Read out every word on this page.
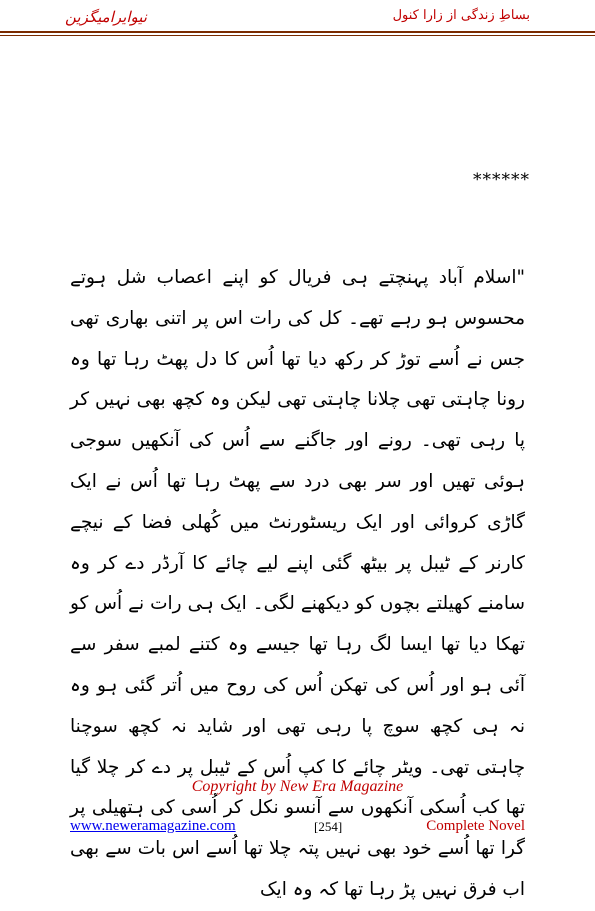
نیوایرامیگزین	بساطِ زندگی از زارا کنول
******
"اسلام آباد پہنچتے ہی فریال کو اپنے اعصاب شل ہوتے محسوس ہو رہے تھے۔ کل کی رات اس پر اتنی بھاری تھی جس نے اُسے توڑ کر رکھ دیا تھا اُس کا دل پھٹ رہا تھا وہ رونا چاہتی تھی چلانا چاہتی تھی لیکن وہ کچھ بھی نہیں کر پا رہی تھی۔ رونے اور جاگنے سے اُس کی آنکھیں سوجی ہوئی تھیں اور سر بھی درد سے پھٹ رہا تھا اُس نے ایک گاڑی کروائی اور ایک ریسٹورنٹ میں کُھلی فضا کے نیچے کارنر کے ٹیبل پر بیٹھ گئی اپنے لیے چائے کا آرڈر دے کر وہ سامنے کھیلتے بچوں کو دیکھنے لگی۔ ایک ہی رات نے اُس کو تھکا دیا تھا ایسا لگ رہا تھا جیسے وہ کتنے لمبے سفر سے آئی ہو اور اُس کی تھکن اُس کی روح میں اُتر گئی ہو وہ نہ ہی کچھ سوچ پا رہی تھی اور شاید نہ کچھ سوچنا چاہتی تھی۔ ویٹر چائے کا کپ اُس کے ٹیبل پر دے کر چلا گیا تھا کب اُسکی آنکھوں سے آنسو نکل کر اُسی کی ہتھیلی پر گرا تھا اُسے خود بھی نہیں پتہ چلا تھا اُسے اس بات سے بھی اب فرق نہیں پڑ رہا تھا کہ وہ ایک
Copyright by New Era Magazine
www.neweramagazine.com	[254]	Complete Novel
